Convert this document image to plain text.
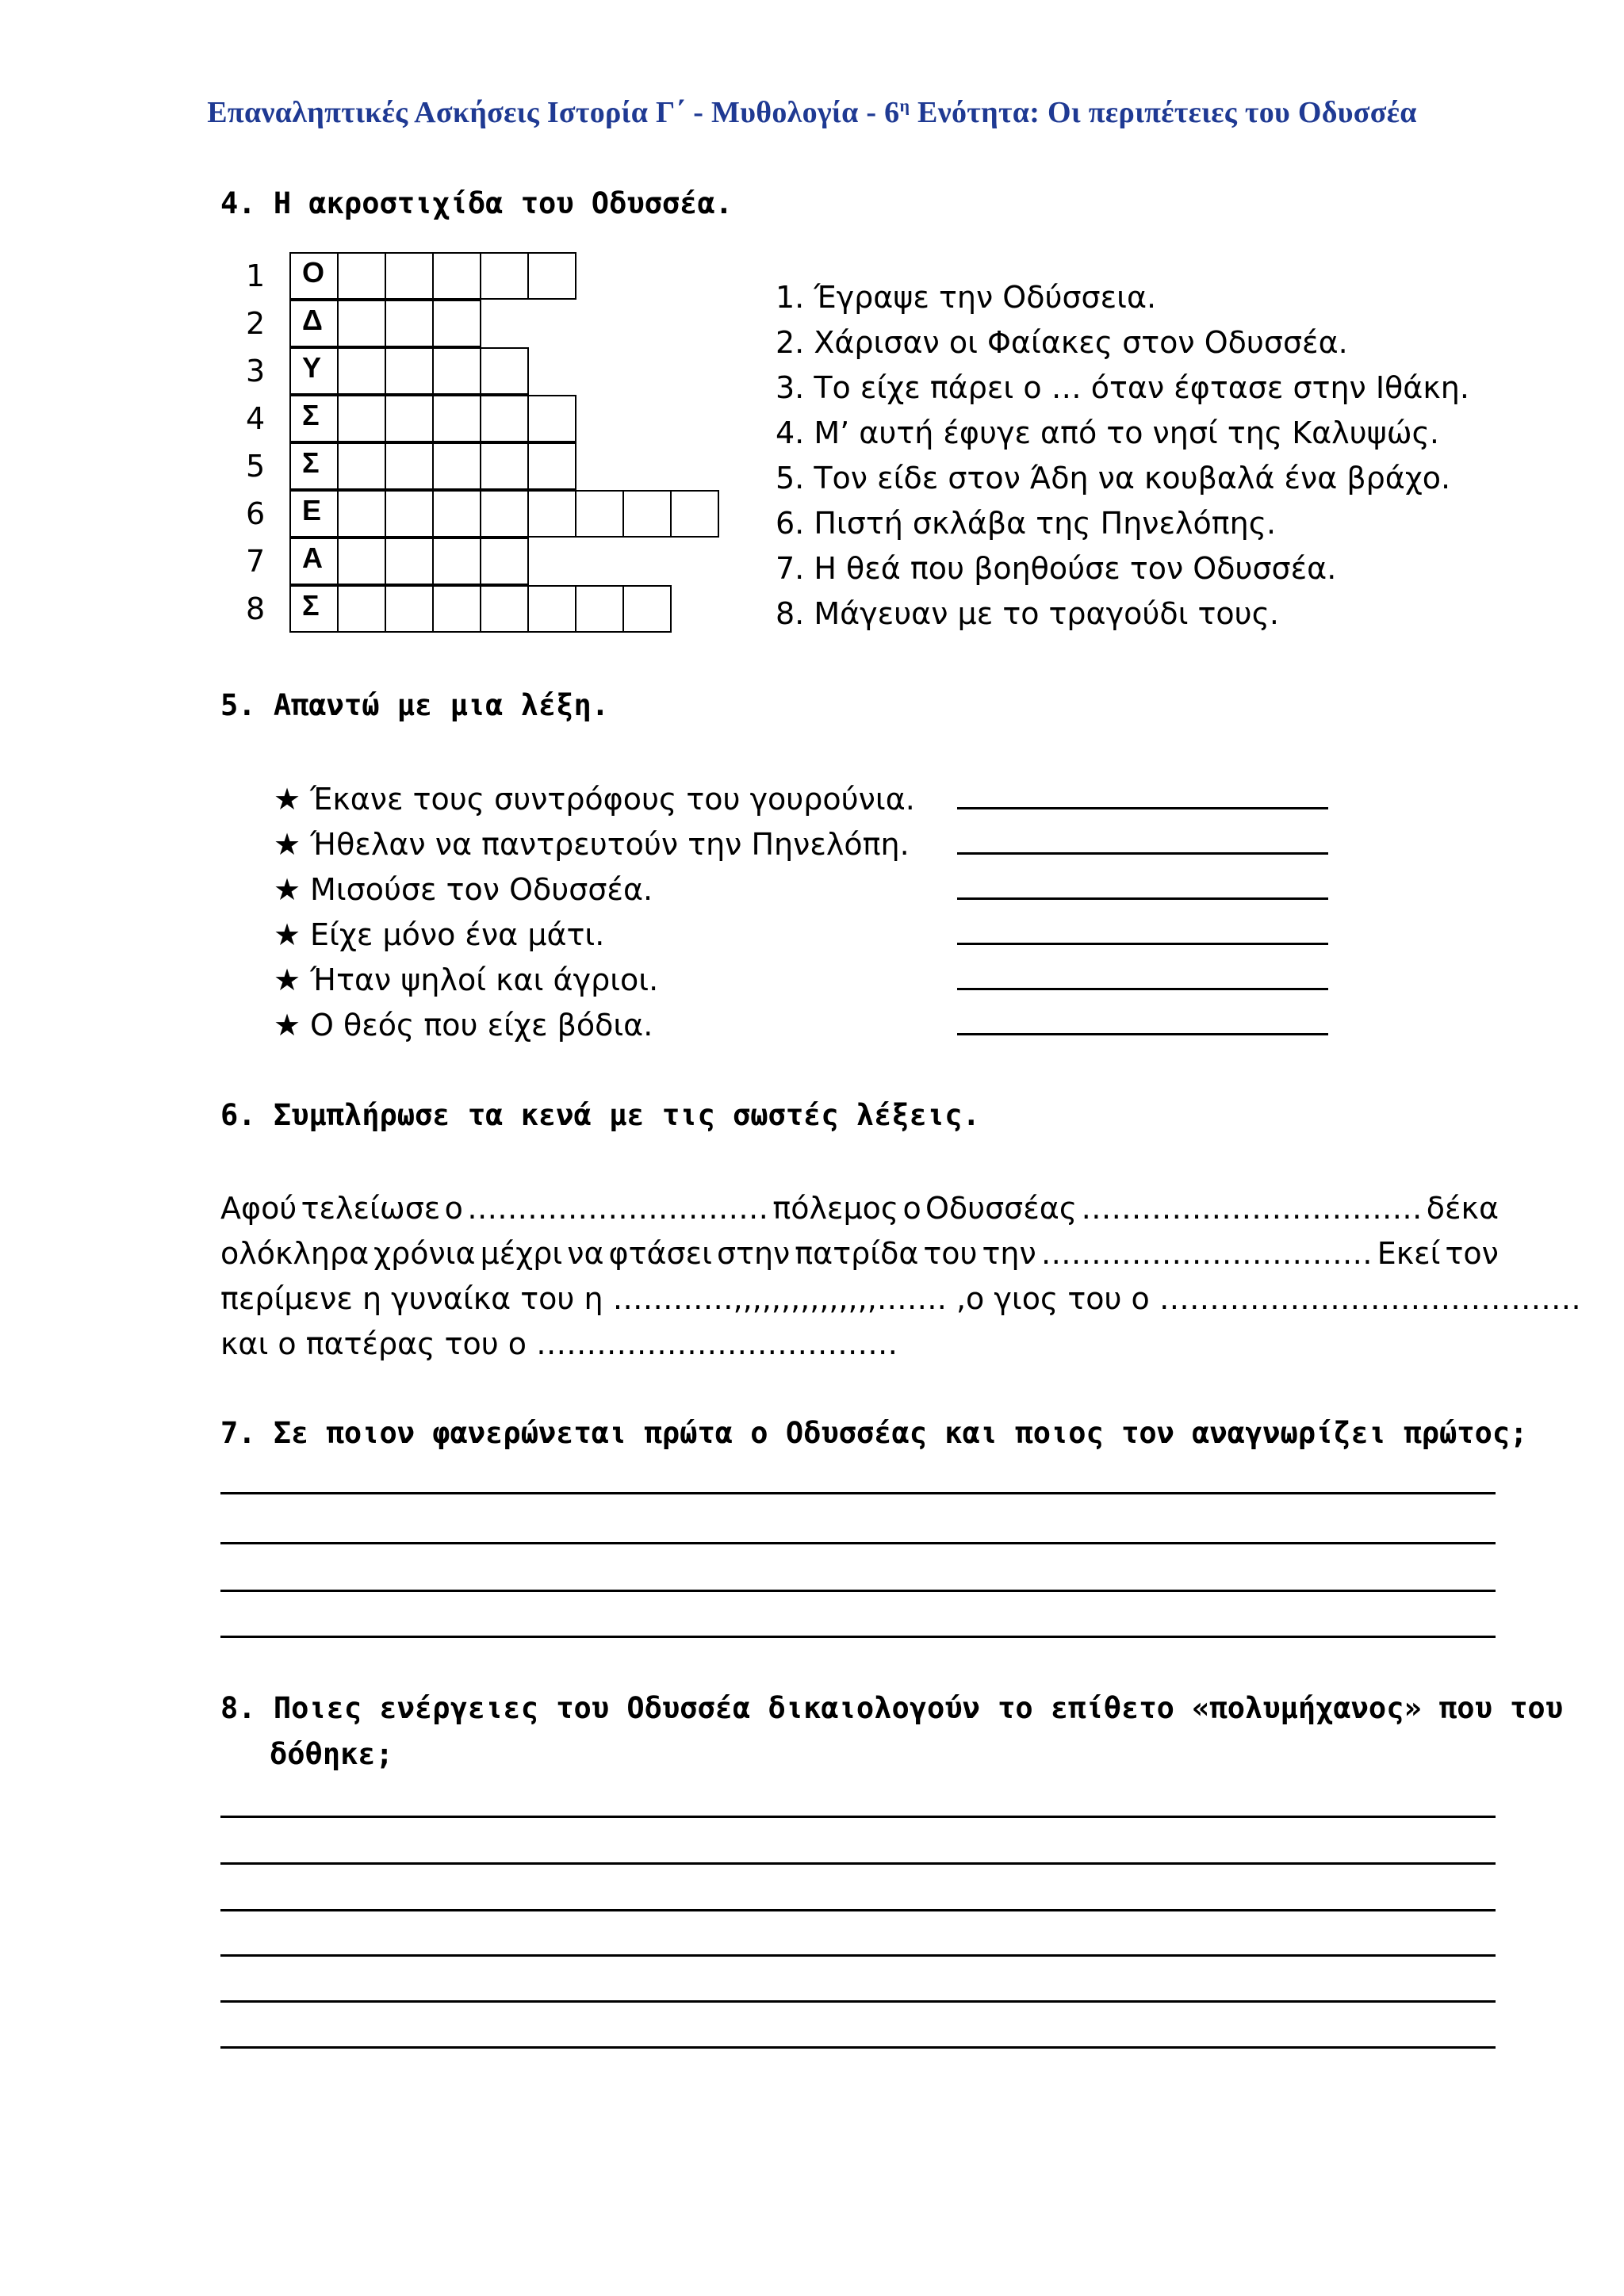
Επαναληπτικές Ασκήσεις Ιστορία Γ΄ - Μυθολογία - $6^\eta$ Ενότητα: Οι περιπέτειες του Οδυσσέα
4. Η ακροστιχίδα του Οδυσσέα.
1	Ο
2	Δ
3	Υ
4	Σ
5	Σ
6	Ε
7	Α
8	Σ
1. Έγραψε την Οδύσσεια.
2. Χάρισαν οι Φαίακες στον Οδυσσέα.
3. Το είχε πάρει ο … όταν έφτασε στην Ιθάκη.
4. Μ’ αυτή έφυγε από το νησί της Καλυψώς.
5. Τον είδε στον Άδη να κουβαλά ένα βράχο.
6. Πιστή σκλάβα της Πηνελόπης.
7. Η θεά που βοηθούσε τον Οδυσσέα.
8. Μάγευαν με το τραγούδι τους.
5. Απαντώ με μια λέξη.
★ Έκανε τους συντρόφους του γουρούνια.
★ Ήθελαν να παντρευτούν την Πηνελόπη.
★ Μισούσε τον Οδυσσέα.
★ Είχε μόνο ένα μάτι.
★ Ήταν ψηλοί και άγριοι.
★ Ο θεός που είχε βόδια.
6. Συμπλήρωσε τα κενά με τις σωστές λέξεις.
Αφού τελείωσε ο ………………………… πόλεμος ο Οδυσσέας ………….………………… δέκα
ολόκληρα χρόνια μέχρι να φτάσει στην πατρίδα του την …………………………… Εκεί τον
περίμενε η γυναίκα του η …………,,,,,,,,,,,,,,,……. ,ο γιος του ο ……………………………………
και ο πατέρας του ο ………………………………
7. Σε ποιον φανερώνεται πρώτα ο Οδυσσέας και ποιος τον αναγνωρίζει πρώτος;
8. Ποιες ενέργειες του Οδυσσέα δικαιολογούν το επίθετο «πολυμήχανος» που του
δόθηκε;
